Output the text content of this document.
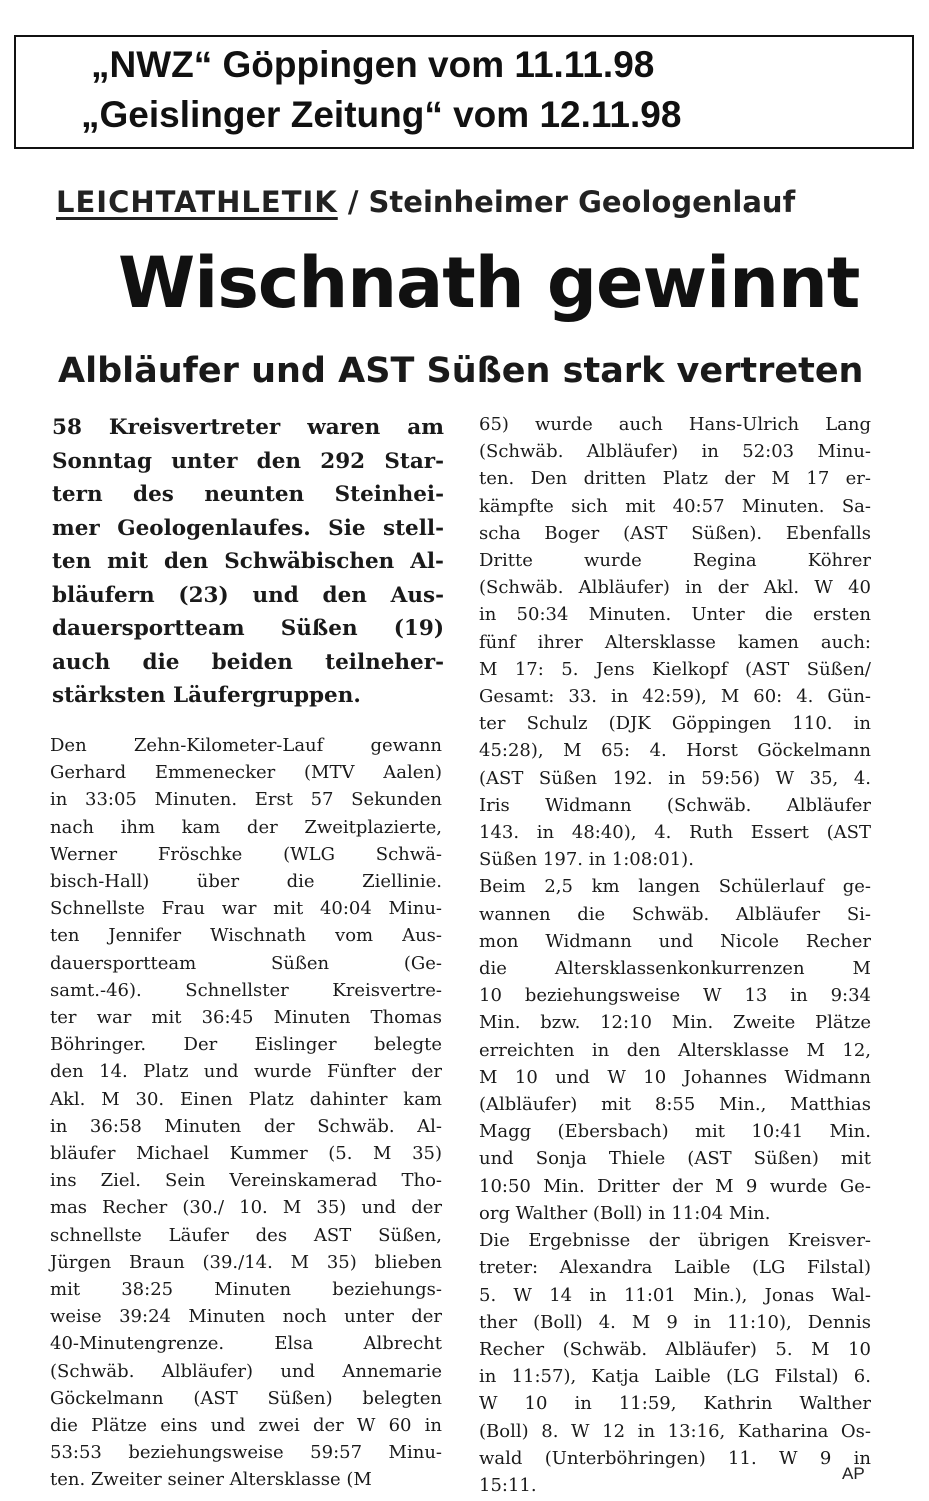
„NWZ“ Göppingen vom 11.11.98
„Geislinger Zeitung“ vom 12.11.98
LEICHTATHLETIK / Steinheimer Geologenlauf
Wischnath gewinnt
Albläufer und AST Süßen stark vertreten
58 Kreisvertreter waren am
Sonntag unter den 292 Star-
tern des neunten Steinhei-
mer Geologenlaufes. Sie stell-
ten mit den Schwäbischen Al-
bläufern (23) und den Aus-
dauersportteam Süßen (19)
auch die beiden teilneher-
stärksten Läufergruppen.
Den Zehn-Kilometer-Lauf gewann
Gerhard Emmenecker (MTV Aalen)
in 33:05 Minuten. Erst 57 Sekunden
nach ihm kam der Zweitplazierte,
Werner Fröschke (WLG Schwä-
bisch-Hall) über die Ziellinie.
Schnellste Frau war mit 40:04 Minu-
ten Jennifer Wischnath vom Aus-
dauersportteam Süßen (Ge-
samt.-46). Schnellster Kreisvertre-
ter war mit 36:45 Minuten Thomas
Böhringer. Der Eislinger belegte
den 14. Platz und wurde Fünfter der
Akl. M 30. Einen Platz dahinter kam
in 36:58 Minuten der Schwäb. Al-
bläufer Michael Kummer (5. M 35)
ins Ziel. Sein Vereinskamerad Tho-
mas Recher (30./ 10. M 35) und der
schnellste Läufer des AST Süßen,
Jürgen Braun (39./14. M 35) blieben
mit 38:25 Minuten beziehungs-
weise 39:24 Minuten noch unter der
40-Minutengrenze. Elsa Albrecht
(Schwäb. Albläufer) und Annemarie
Göckelmann (AST Süßen) belegten
die Plätze eins und zwei der W 60 in
53:53 beziehungsweise 59:57 Minu-
ten. Zweiter seiner Altersklasse (M
65) wurde auch Hans-Ulrich Lang
(Schwäb. Albläufer) in 52:03 Minu-
ten. Den dritten Platz der M 17 er-
kämpfte sich mit 40:57 Minuten. Sa-
scha Boger (AST Süßen). Ebenfalls
Dritte wurde Regina Köhrer
(Schwäb. Albläufer) in der Akl. W 40
in 50:34 Minuten. Unter die ersten
fünf ihrer Altersklasse kamen auch:
M 17: 5. Jens Kielkopf (AST Süßen/
Gesamt: 33. in 42:59), M 60: 4. Gün-
ter Schulz (DJK Göppingen 110. in
45:28), M 65: 4. Horst Göckelmann
(AST Süßen 192. in 59:56) W 35, 4.
Iris Widmann (Schwäb. Albläufer
143. in 48:40), 4. Ruth Essert (AST
Süßen 197. in 1:08:01).
Beim 2,5 km langen Schülerlauf ge-
wannen die Schwäb. Albläufer Si-
mon Widmann und Nicole Recher
die Altersklassenkonkurrenzen M
10 beziehungsweise W 13 in 9:34
Min. bzw. 12:10 Min. Zweite Plätze
erreichten in den Altersklasse M 12,
M 10 und W 10 Johannes Widmann
(Albläufer) mit 8:55 Min., Matthias
Magg (Ebersbach) mit 10:41 Min.
und Sonja Thiele (AST Süßen) mit
10:50 Min. Dritter der M 9 wurde Ge-
org Walther (Boll) in 11:04 Min.
Die Ergebnisse der übrigen Kreisver-
treter: Alexandra Laible (LG Filstal)
5. W 14 in 11:01 Min.), Jonas Wal-
ther (Boll) 4. M 9 in 11:10), Dennis
Recher (Schwäb. Albläufer) 5. M 10
in 11:57), Katja Laible (LG Filstal) 6.
W 10 in 11:59, Kathrin Walther
(Boll) 8. W 12 in 13:16, Katharina Os-
wald (Unterböhringen) 11. W 9 in
15:11.
AP
